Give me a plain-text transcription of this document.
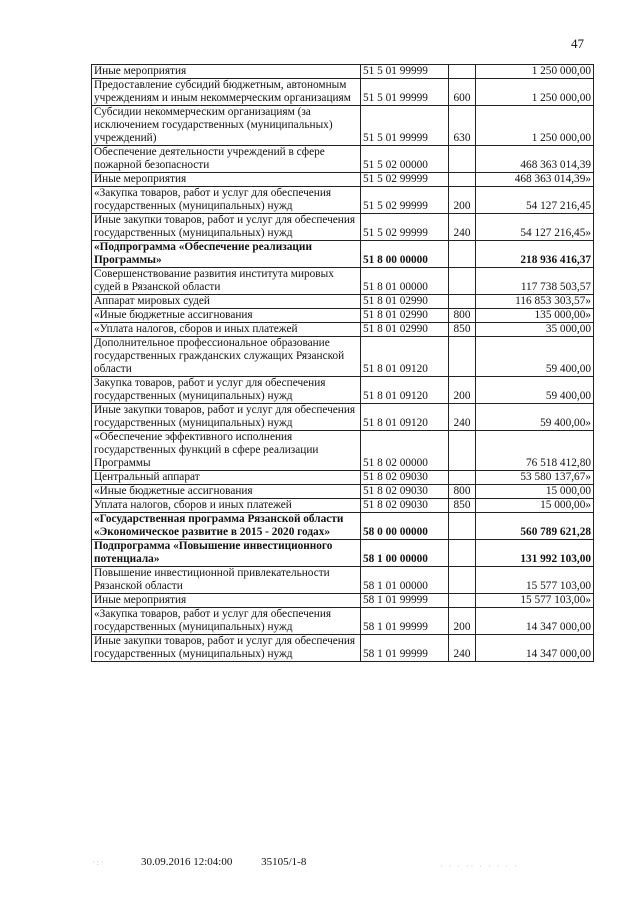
47
Иные мероприятия	51 5 01 99999		1 250 000,00
Предоставление субсидий бюджетным, автономным учреждениям и иным некоммерческим организациям	51 5 01 99999	600	1 250 000,00
Субсидии некоммерческим организациям (за исключением государственных (муниципальных) учреждений)	51 5 01 99999	630	1 250 000,00
Обеспечение деятельности учреждений в сфере пожарной безопасности	51 5 02 00000		468 363 014,39
Иные мероприятия	51 5 02 99999		468 363 014,39»
«Закупка товаров, работ и услуг для обеспечения государственных (муниципальных) нужд	51 5 02 99999	200	54 127 216,45
Иные закупки товаров, работ и услуг для обеспечения государственных (муниципальных) нужд	51 5 02 99999	240	54 127 216,45»
«Подпрограмма «Обеспечение реализации Программы»	51 8 00 00000		218 936 416,37
Совершенствование развития института мировых судей в Рязанской области	51 8 01 00000		117 738 503,57
Аппарат мировых судей	51 8 01 02990		116 853 303,57»
«Иные бюджетные ассигнования	51 8 01 02990	800	135 000,00»
«Уплата налогов, сборов и иных платежей	51 8 01 02990	850	35 000,00
Дополнительное профессиональное образование государственных гражданских служащих Рязанской области	51 8 01 09120		59 400,00
Закупка товаров, работ и услуг для обеспечения государственных (муниципальных) нужд	51 8 01 09120	200	59 400,00
Иные закупки товаров, работ и услуг для обеспечения государственных (муниципальных) нужд	51 8 01 09120	240	59 400,00»
«Обеспечение эффективного исполнения государственных функций в сфере реализации Программы	51 8 02 00000		76 518 412,80
Центральный аппарат	51 8 02 09030		53 580 137,67»
«Иные бюджетные ассигнования	51 8 02 09030	800	15 000,00
Уплата налогов, сборов и иных платежей	51 8 02 09030	850	15 000,00»
«Государственная программа Рязанской области «Экономическое развитие в 2015 - 2020 годах»	58 0 00 00000		560 789 621,28
Подпрограмма «Повышение инвестиционного потенциала»	58 1 00 00000		131 992 103,00
Повышение инвестиционной привлекательности Рязанской области	58 1 01 00000		15 577 103,00
Иные мероприятия	58 1 01 99999		15 577 103,00»
«Закупка товаров, работ и услуг для обеспечения государственных (муниципальных) нужд	58 1 01 99999	200	14 347 000,00
Иные закупки товаров, работ и услуг для обеспечения государственных (муниципальных) нужд	58 1 01 99999	240	14 347 000,00
30.09.2016 12:04:00	35105/1-8
·:·	· · · ·· · · · · ·
